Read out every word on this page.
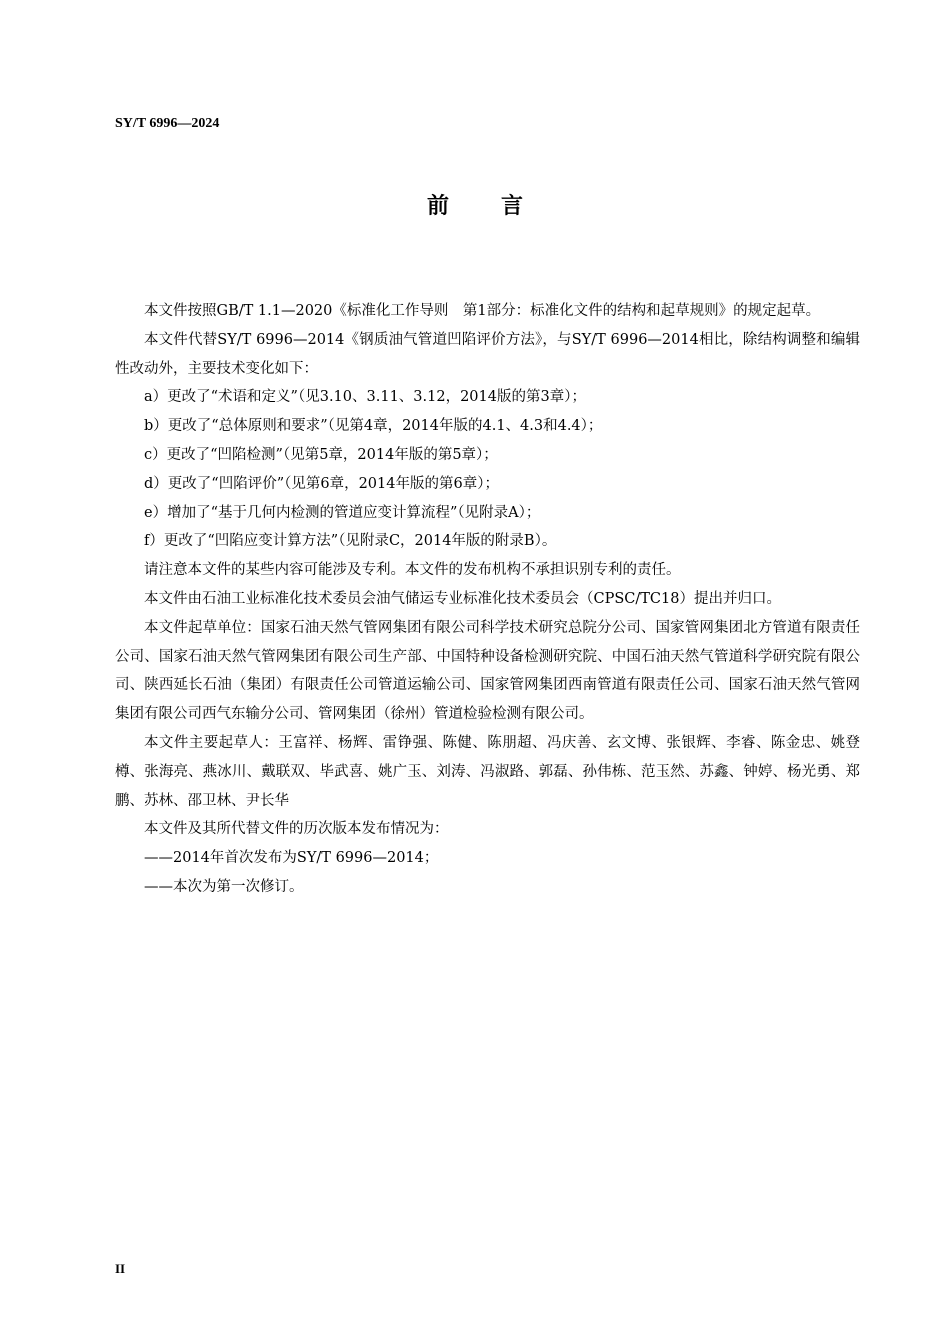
SY/T 6996—2024
前言

本文件按照GB/T 1.1—2020《标准化工作导则　第1部分：标准化文件的结构和起草规则》的规定起草。

本文件代替SY/T 6996—2014《钢质油气管道凹陷评价方法》，与SY/T 6996—2014相比，除结构调整和编辑性改动外，主要技术变化如下：

a）更改了“术语和定义”（见3.10、3.11、3.12，2014版的第3章）；

b）更改了“总体原则和要求”（见第4章，2014年版的4.1、4.3和4.4）；

c）更改了“凹陷检测”（见第5章，2014年版的第5章）；

d）更改了“凹陷评价”（见第6章，2014年版的第6章）；

e）增加了“基于几何内检测的管道应变计算流程”（见附录A）；

f）更改了“凹陷应变计算方法”（见附录C，2014年版的附录B）。

请注意本文件的某些内容可能涉及专利。本文件的发布机构不承担识别专利的责任。

本文件由石油工业标准化技术委员会油气储运专业标准化技术委员会（CPSC/TC18）提出并归口。

本文件起草单位：国家石油天然气管网集团有限公司科学技术研究总院分公司、国家管网集团北方管道有限责任公司、国家石油天然气管网集团有限公司生产部、中国特种设备检测研究院、中国石油天然气管道科学研究院有限公司、陕西延长石油（集团）有限责任公司管道运输公司、国家管网集团西南管道有限责任公司、国家石油天然气管网集团有限公司西气东输分公司、管网集团（徐州）管道检验检测有限公司。

本文件主要起草人：王富祥、杨辉、雷铮强、陈健、陈朋超、冯庆善、玄文博、张银辉、李睿、陈金忠、姚登樽、张海亮、燕冰川、戴联双、毕武喜、姚广玉、刘涛、冯淑路、郭磊、孙伟栋、范玉然、苏鑫、钟婷、杨光勇、郑鹏、苏林、邵卫林、尹长华

本文件及其所代替文件的历次版本发布情况为：

——2014年首次发布为SY/T 6996—2014；

——本次为第一次修订。

II
